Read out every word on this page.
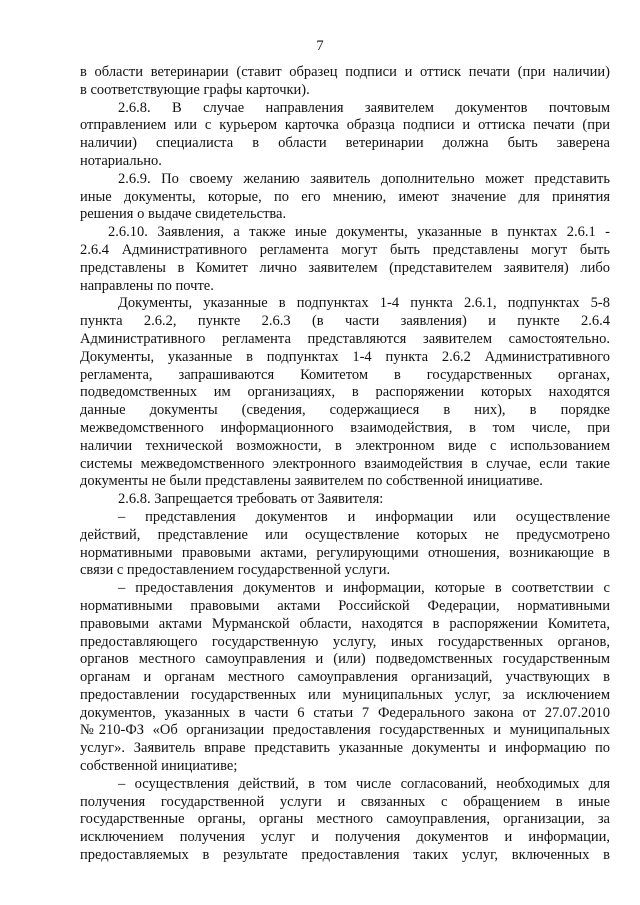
7
в области ветеринарии (ставит образец подписи и оттиск печати (при наличии)
в соответствующие графы карточки).
2.6.8. В случае направления заявителем документов почтовым
отправлением или с курьером карточка образца подписи и оттиска печати (при
наличии) специалиста в области ветеринарии должна быть заверена
нотариально.
2.6.9. По своему желанию заявитель дополнительно может представить
иные документы, которые, по его мнению, имеют значение для принятия
решения о выдаче свидетельства.
2.6.10. Заявления, а также иные документы, указанные в пунктах 2.6.1 -
2.6.4 Административного регламента могут быть представлены могут быть
представлены в Комитет лично заявителем (представителем заявителя) либо
направлены по почте.
Документы, указанные в подпунктах 1-4 пункта 2.6.1, подпунктах 5-8
пункта 2.6.2, пункте 2.6.3 (в части заявления) и пункте 2.6.4
Административного регламента представляются заявителем самостоятельно.
Документы, указанные в подпунктах 1-4 пункта 2.6.2 Административного
регламента, запрашиваются Комитетом в государственных органах,
подведомственных им организациях, в распоряжении которых находятся
данные документы (сведения, содержащиеся в них), в порядке
межведомственного информационного взаимодействия, в том числе, при
наличии технической возможности, в электронном виде с использованием
системы межведомственного электронного взаимодействия в случае, если такие
документы не были представлены заявителем по собственной инициативе.
2.6.8. Запрещается требовать от Заявителя:
– представления документов и информации или осуществление
действий, представление или осуществление которых не предусмотрено
нормативными правовыми актами, регулирующими отношения, возникающие в
связи с предоставлением государственной услуги.
– предоставления документов и информации, которые в соответствии с
нормативными правовыми актами Российской Федерации, нормативными
правовыми актами Мурманской области, находятся в распоряжении Комитета,
предоставляющего государственную услугу, иных государственных органов,
органов местного самоуправления и (или) подведомственных государственным
органам и органам местного самоуправления организаций, участвующих в
предоставлении государственных или муниципальных услуг, за исключением
документов, указанных в части 6 статьи 7 Федерального закона от 27.07.2010
№210-ФЗ «Об организации предоставления государственных и муниципальных
услуг». Заявитель вправе представить указанные документы и информацию по
собственной инициативе;
– осуществления действий, в том числе согласований, необходимых для
получения государственной услуги и связанных с обращением в иные
государственные органы, органы местного самоуправления, организации, за
исключением получения услуг и получения документов и информации,
предоставляемых в результате предоставления таких услуг, включенных в
